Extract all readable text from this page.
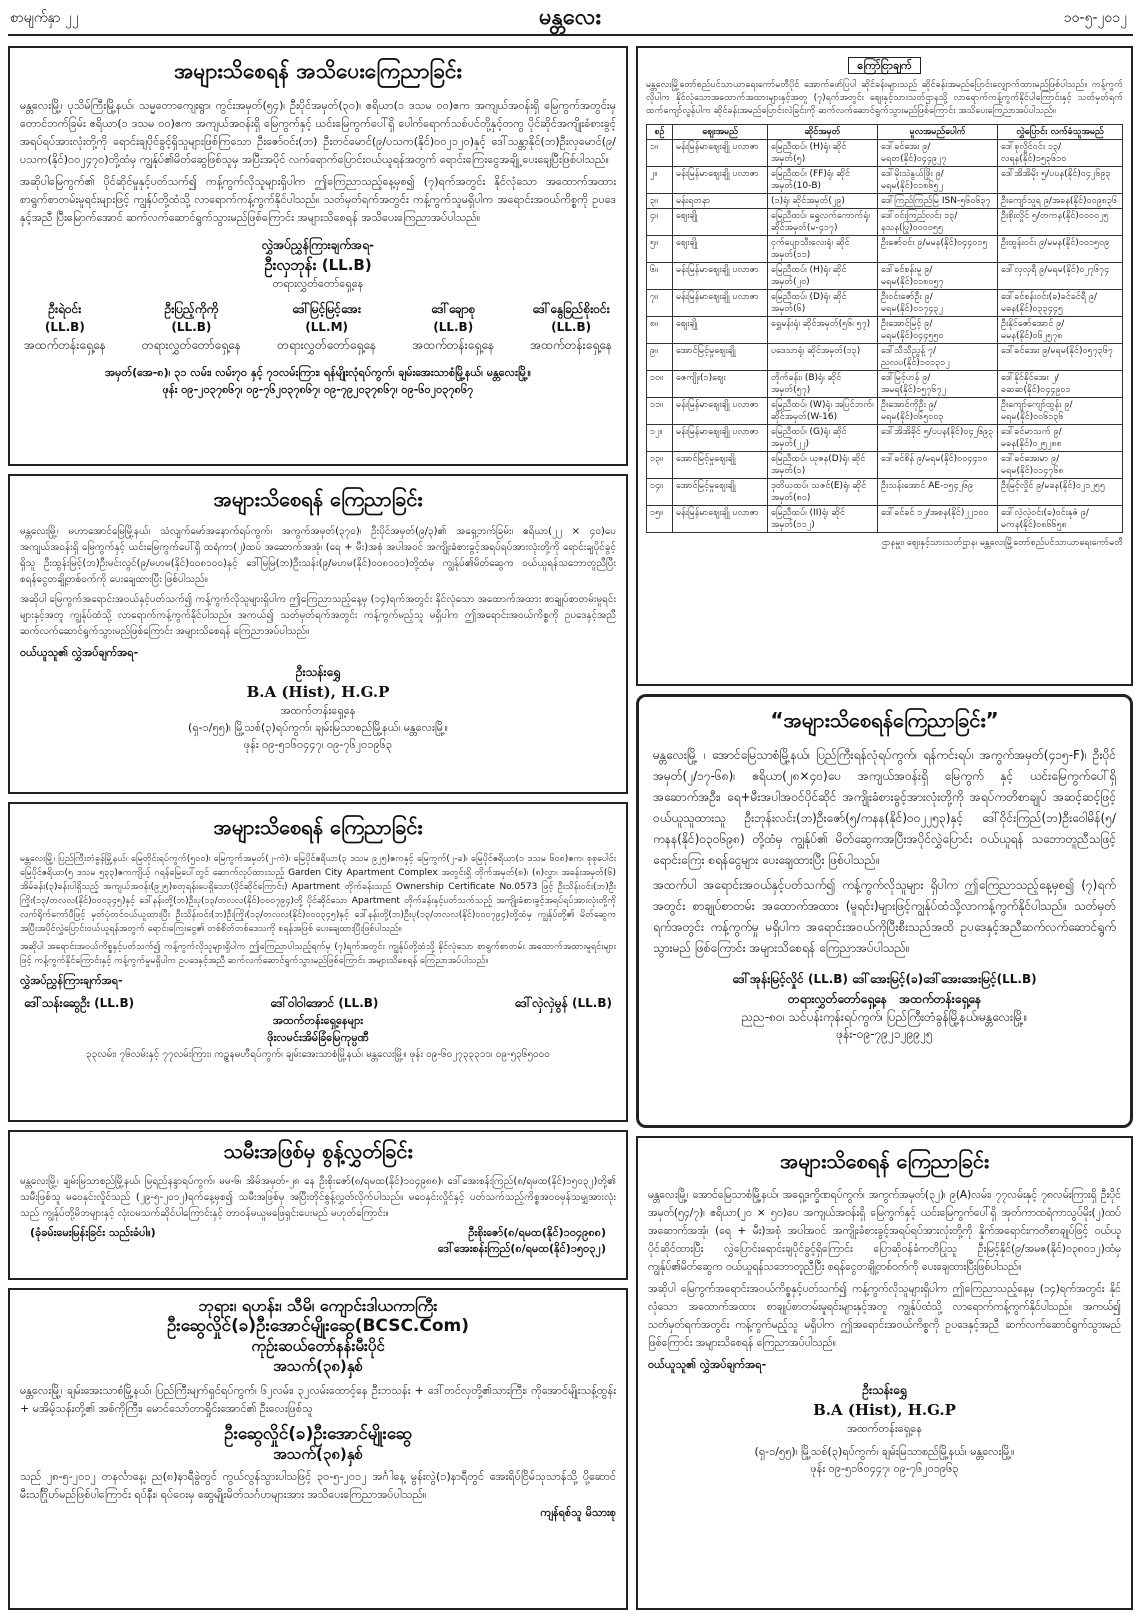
စာမျက်နှာ ၂၂	မန္တလေး	၁၀-၅-၂၀၁၂
အများသိစေရန် အသိပေးကြေညာခြင်း

မန္တလေးမြို့၊ ပုသိမ်ကြီးမြို့နယ်၊ သမ္မတောကျေးရွာ၊ ကွင်းအမှတ်(၅၄)၊ ဦးပိုင်အမှတ်(၃၀)၊ ဧရိယာ(၁ ဒသမ ၀၀)ဧက အကျယ်အဝန်းရှိ မြေကွက်အတွင်းမှ တောင်ဘက်ခြမ်း ဧရိယာ(၁ ဒသမ ၀၀)ဧက အကျယ်အဝန်းရှိ မြေကွက်နှင့် ယင်းမြေကွက်ပေါ်ရှိ ပေါက်ရောက်သစ်ပင်တို့နှင့်တကွ ပိုင်ဆိုင်အကျိုးခံစားခွင့်အရပ်ရပ်အားလုံးတို့ကို ရောင်းချပိုင်ခွင့်ရှိသူများဖြစ်ကြသော ဦးဇော်ဝင်း(ဘ) ဦးတင်မောင်(၉/ပသက(နိုင်)၀၀၂၁၂၀)နှင့် ဒေါ်သန္တာနိုင်(ဘ)ဦးလှမောင်(၉/ပသက(နိုင်)၀၀၂၄၇၀)တို့ထံမှ ကျွန်ုပ်၏မိတ်ဆွေဖြစ်သူမှ အပြီးအပိုင် လက်ရောက်ပြောင်းဝယ်ယူရန်အတွက် ရောင်းကြေးငွေအချို့ ပေးချေပြီးဖြစ်ပါသည်။

အဆိုပါမြေကွက်၏ ပိုင်ဆိုင်မှုနှင့်ပတ်သက်၍ ကန့်ကွက်လိုသူများရှိပါက ဤကြေညာသည့်နေ့မှစ၍ (၇)ရက်အတွင်း နိုင်လုံသော အထောက်အထား စာရွက်စာတမ်းမူရင်းများဖြင့် ကျွန်ုပ်တို့ထံသို့ လာရောက်ကန့်ကွက်နိုင်ပါသည်။ သတ်မှတ်ရက်အတွင်း ကန့်ကွက်သူမရှိပါက အရောင်းအဝယ်ကိစ္စကို ဥပဒေနှင့်အညီ ပြီးမြောက်အောင် ဆက်လက်ဆောင်ရွက်သွားမည်ဖြစ်ကြောင်း အများသိစေရန် အသိပေးကြေညာအပ်ပါသည်။

လွှဲအပ်ညွှန်ကြားချက်အရ-
ဦးလှဘုန်း (LL.B)
တရားလွှတ်တော်ရှေ့နေ
ဦးရဲဝင်း
(LL.B)
အထက်တန်းရှေ့နေ
ဦးပြည့်ကိုကို
(LL.B)
တရားလွှတ်တော်ရှေ့နေ
ဒေါ်မြင့်မြင့်အေး
(LL.M)
တရားလွှတ်တော်ရှေ့နေ
ဒေါ်ချောစု
(LL.B)
အထက်တန်းရှေ့နေ
ဒေါ်နွေခြည်စိုးဝင်း
(LL.B)
အထက်တန်းရှေ့နေ
အမှတ်(အေ-၈)၊ ၃၁ လမ်း၊ လမ်း၇၀ နှင့် ၇၁လမ်းကြား၊ ရန်မျိုးလုံရပ်ကွက်၊ ချမ်းအေးသာစံမြို့နယ်၊ မန္တလေးမြို့။
ဖုန်း ၀၉-၂၀၃၇၈၆၇၊ ၀၉-၇၆၂၀၃၇၈၆၇၊ ၀၉-၇၉၂၀၃၇၈၆၇၊ ၀၉-၆၀၂၀၃၇၈၆၇
အများသိစေရန် ကြေညာခြင်း

မန္တလေးမြို့၊ မဟာအောင်မြေမြို့နယ်၊ သံလျက်မော်အနောက်ရပ်ကွက်၊ အကွက်အမှတ်(၃၇၀)၊ ဦးပိုင်အမှတ်(၉/၃)၏ အရှေ့ဘက်ခြမ်း၊ ဧရိယာ(၂၂ × ၄၀)ပေ အကျယ်အဝန်းရှိ မြေကွက်နှင့် ယင်းမြေကွက်ပေါ်ရှိ ထရံကာ(၂)ထပ် အဆောက်အအုံ၊ (ရေ + မီး)အစုံ အပါအဝင် အကျိုးခံစားခွင့်အရပ်ရပ်အားလုံးတို့ကို ရောင်းချပိုင်ခွင့်ရှိသူ ဦးထွန်းမြင့်(ဘ)ဦးမင်းလွင်(၉/မဟမ(နိုင်)၀၀၈၁၀၀)နှင့် ဒေါ်မြမြ(ဘ)ဦးသန်း(၉/မဟမ(နိုင်)၀၀၈၁၀၁)တို့ထံမှ ကျွန်ုပ်၏မိတ်ဆွေက ဝယ်ယူရန်သဘောတူညီပြီး စရန်ငွေတချို့တစ်ဝက်ကို ပေးချေထားပြီး ဖြစ်ပါသည်။

အဆိုပါ မြေကွက်အရောင်းအဝယ်နှင့်ပတ်သက်၍ ကန့်ကွက်လိုသူများရှိပါက ဤကြေညာသည့်နေ့မှ (၁၄)ရက်အတွင်း နိုင်လုံသော အထောက်အထား စာချုပ်စာတမ်းမူရင်းများနှင့်အတူ ကျွန်ုပ်ထံသို့ လာရောက်ကန့်ကွက်နိုင်ပါသည်။ အကယ်၍ သတ်မှတ်ရက်အတွင်း ကန့်ကွက်မည့်သူ မရှိပါက ဤအရောင်းအဝယ်ကိစ္စကို ဥပဒေနှင့်အညီ ဆက်လက်ဆောင်ရွက်သွားမည်ဖြစ်ကြောင်း အများသိစေရန် ကြေညာအပ်ပါသည်။

ဝယ်ယူသူ၏ လွှဲအပ်ချက်အရ-
ဦးသန်းရွှေ
B.A (Hist), H.G.P
အထက်တန်းရှေ့နေ
(ရှ-၁/၅၅)၊ မြို့သစ်(၃)ရပ်ကွက်၊ ချမ်းမြသာစည်မြို့နယ်၊ မန္တလေးမြို့။
ဖုန်း ၀၉-၅၁၆၀၄၄၇၊ ၀၉-၇၆၂၀၁၉၆၃
အများသိစေရန် ကြေညာခြင်း

မန္တလေးမြို့၊ ပြည်ကြီးတံခွန်မြို့နယ်၊ မြေတိုင်းရပ်ကွက်(၅၀၀)၊ မြေကွက်အမှတ်(၂-ကဲ)၊ မြေပိုင်ဧရိယာ(၃ ဒသမ ၉၂၅)ဧကနှင့် မြေကွက်(၂-ခ)၊ မြေပိုင်ဧရိယာ(၁ ဒသမ ၆၀၈)ဧက၊ စုစုပေါင်းမြေပိုင်ဧရိယာ(၅ ဒသမ ၅၃၃)ဧကကျိယ့် ဂရန်မြေပေါ်တွင် ဆောက်လုပ်ထားသည့် Garden City Apartment Complex အတွင်းရှိ တိုက်အမှတ်(၈)၊ (၈)လွှာ၊ အခန်းအမှတ်(၆) အိမ်ခန်း(၃)ခန်းပါရှိသည့် အကျယ်အဝန်း(၉၂၅)စတုရန်းပေရှိသော(ပိုင်ဆိုင်ကြောင်း) Apartment တိုက်ခန်းသည် Ownership Certificate No.0573 ဖြင့် ဦးသိန်းဝင်း(ဘ)ဦးကြိုး(၁၃/တလလ(နိုင်)၀၀၀၃၄၅)နှင့် ဒေါ်နန်းတို့(ဘ)ဦးပု(၁၃/တလလ(နိုင်)၀၀၀၇၉၄)တို့ ပိုင်ဆိုင်သော Apartment တိုက်ခန်းနှင့်ပတ်သက်သည့် အကျိုးခံစားခွင့်အရပ်ရပ်အားလုံးတို့ကို လက်ရိုက်ကော်ပီဖြင့် မှတ်ပုံတင်ဝယ်ယူထားပြီး ဦးသိန်းဝင်း(ဘ)ဦးကြိုး(၁၃/တလလ(နိုင်)၀၀၀၃၄၅)နှင့် ဒေါ်နန်းတို့(ဘ)ဦးပု(၁၃/တလလ(နိုင်)၀၀၀၇၉၄)တို့ထံမှ ကျွန်ုပ်တို့၏ မိတ်ဆွေက အပြီးအပိုင်လွှဲပြောင်းဝယ်ယူရန်အတွက် ရောင်းကြေးငွေ၏ တစ်စိတ်တစ်ဒေသကို စရန်အဖြစ် ပေးချေထားပြီးဖြစ်ပါသည်။

အဆိုပါ အရောင်းအဝယ်ကိစ္စနှင့်ပတ်သက်၍ ကန့်ကွက်လိုသူများရှိပါက ဤကြေညာပါသည့်ရက်မှ (၇)ရက်အတွင်း ကျွန်ုပ်တို့ထံသို့ နိုင်လုံသော စာရွက်စာတမ်း အထောက်အထားမူရင်းများဖြင့် ကန့်ကွက်နိုင်ကြောင်းနှင့် ကန့်ကွက်မှုမရှိပါက ဥပဒေနှင့်အညီ ဆက်လက်ဆောင်ရွက်သွားမည်ဖြစ်ကြောင်း အများသိစေရန် ကြေညာအပ်ပါသည်။

လွှဲအပ်ညွှန်ကြားချက်အရ-
ဒေါ်သန်းဆွေဦး (LL.B)	ဒေါ်ဝါဝါအောင် (LL.B)	ဒေါ်လှဲလှဲမွန် (LL.B)
အထက်တန်းရှေ့နေများ
ဖိုးလမင်းအိမ်ခြံမြေကုမ္ပဏီ
၃၃လမ်း၊ ၇၆လမ်းနှင့် ၇၇လမ်းကြား၊ ကဥ္စနမဟီရပ်ကွက်၊ ချမ်းအေးသာစံမြို့နယ်၊ မန္တလေးမြို့။ ဖုန်း ၀၉-၆၀၂၇၃၃၃၁၁၊ ၀၉-၅၃၆၅၀၀၀
သမီးအဖြစ်မှ စွန့်လွှတ်ခြင်း
မန္တလေးမြို့၊ ချမ်းမြသာစည်မြို့နယ်၊ မြရည်နန္ဒာရပ်ကွက်၊ မမ-၆၊ အိမ်အမှတ်-၂၈ နေ ဦးစိုးဇော်(၈/ရမထ(နိုင်)၁၀၄၉၈၈)၊ ဒေါ်အေးစန်းကြည်(၈/ရမထ(နိုင်)၁၅၀၃၂)တို့၏ သမီးဖြစ်သူ မဝေနှင်းလှိုင်သည် (၂၉-၅-၂၀၁၂)ရက်နေ့မှစ၍ သမီးအဖြစ်မှ အပြီးတိုင်စွန့်လွှတ်လိုက်ပါသည်။ မဝေနှင်းလှိုင်နှင့် ပတ်သက်သည့်ကိစ္စအဝဝမှန်သမျှအားလုံးသည် ကျွန်ုပ်တို့မိဘများနှင့် လုံးဝမသက်ဆိုင်ပါကြောင်းနှင့် တာဝန်မယူမဖြေရှင်းပေးမည် မဟုတ်ကြောင်း။
(ခုံခမ်းမေးမြန်းခြင်း သည်းခံပါ။)	ဦးစိုးဇော်(၈/ရမထ(နိုင်)၁၀၄၉၈၈)
ဒေါ်အေးစန်းကြည်(၈/ရမထ(နိုင်)၁၅၀၃၂)
ဘုရား၊ ရဟန်း၊ သီမိ၊ ကျောင်းဒါယကာကြီး
ဦးဆွေလှိုင်(ခ)ဦးအောင်မျိုးဆွေ(BCSC.Com)
ကုဉ်းဆယ်တော်နန်းမီးပိုင်
အသက်(၃၈)နှစ်
မန္တလေးမြို့၊ ချမ်းအေးသာစံမြို့နယ်၊ ပြည်ကြီးမျက်ရှင်ရပ်ကွက်၊ ၆၂လမ်း၊ ၃၂လမ်းထောင့်နေ ဦးဘသန်း + ဒေါ်တင်လှတို့၏သားကြီး၊ ကိုအောင်မျိုးသန့်ထွန်း + မအိမ့်သန်းတို့၏ အစ်ကိုကြီး၊ မောင်သော်တာရှိုင်းအောင်၏ ဦးလေးဖြစ်သူ
ဦးဆွေလှိုင်(ခ)ဦးအောင်မျိုးဆွေ
အသက်(၃၈)နှစ်
သည် ၂၈-၅-၂၀၁၂ တနင်္လာနေ့၊ ည(၈)နာရီခွဲတွင် ကွယ်လွန်သွားပါသဖြင့် ၃၀-၅-၂၀၁၂ အင်္ဂါနေ့ မွန်းလွဲ(၁)နာရီတွင် အေးရိပ်ငြိမ်သုသာန်သို့ ပို့ဆောင်မီးသင်္ဂြိုဟ်မည်ဖြစ်ပါကြောင်း ရပ်နီး၊ ရပ်ဝေးမှ ဆွေမျိုးမိတ်သင်္ဂဟများအား အသိပေးကြေညာအပ်ပါသည်။
ကျန်ရစ်သူ မိသားစု
ကြော်ငြာချက်
မန္တလေးမြို့တော်စည်ပင်သာယာရေးကော်မတီပိုင် အောက်ဖော်ပြပါ ဆိုင်ခန်းများသည် ဆိုင်ခန်းအမည်ပြောင်းလျှောက်ထားမည်ဖြစ်ပါသည်။ ကန့်ကွက်လိုပါက နိုင်လုံသောအထောက်အထားများနှင့်အတူ (၇)ရက်အတွင်း ဈေးနှင့်သားသတ်ဌာနသို့ လာရောက်ကန့်ကွက်နိုင်ပါကြောင်းနှင့် သတ်မှတ်ရက်ထက်ကျော်လွန်ပါက ဆိုင်ခန်းအမည်ပြောင်းလဲခြင်းကို ဆက်လက်ဆောင်ရွက်သွားမည်ဖြစ်ကြောင်း အသိပေးကြေညာအပ်ပါသည်။
စဉ်	ဈေးအမည်	ဆိုင်အမှတ်	မူလအမည်ပေါက်	လွှဲပြောင်း လက်ခံသူအမည်
၁။	မန်းမြန်မာဈေးချို ပလာဇာ	မြေညီထပ်၊ (H)ရုံ၊ ဆိုင်အမှတ်(၅)	ဒေါ်ခင်အေး ၉/မရတ(နိုင်)၀၄၄၉၂၇	ဒေါ်စုလှိုင်ဝင်း ၁၃/လရန(နိုင်)၁၅၃၆၁၀
၂။	မန်းမြန်မာဈေးချို ပလာဇာ	မြေညီထပ်၊ (FF)ရုံ၊ ဆိုင်အမှတ်(10-B)	ဒေါ်မိုးသဲနွယ်ဖြိုး ၉/မရမ(နိုင်)၀၁၈၆၅၂	ဒေါ်အိအိမိုး ၅/ပပန(နိုင်)၀၄၂၆၉၃
၃။	မန်းရတနာ	(၁)ရုံ၊ ဆိုင်အမှတ်(၂၉)	ဒေါ်ကြည်ကြည်မြ ISN-၅၆၀၆၃၇	ဦးကျော်သူရ ၉/အခန(နိုင်)၀၀၉၈၃၆
၄။	ဈေးချို	မြေညီထပ်၊ ရွှေလက်ကောက်ရုံ၊ ဆိုင်အမှတ်(မ-၄၁၇)	ဒေါ်ဝင်းကြည်လင်း ၁၃/နသန(ပြု)၀၀၀၀၅၅	ဦးစိုးလှိုင် ၅/တကန(နိုင်)၀၀၀၀၂၅
၅။	ဈေးချို	ငှက်ပျောသီးလေးရုံ၊ ဆိုင်အမှတ်(၁၁)	ဦးဇော်ဝင်း ၉/မမန(နိုင်)၀၄၄၀၁၅	ဦးထွန်းဝင်း ၉/မမန(နိုင်)၀၀၁၅၀၉
၆။	မန်းမြန်မာဈေးချို ပလာဇာ	မြေညီထပ်၊ (H)ရုံ၊ ဆိုင်အမှတ်(၂၀)	ဒေါ်ခင်စန်းမူ ၉/မရမ(နိုင်)၀၁၈၀၅၇	ဒေါ်လှလှရီ ၉/မရမ(နိုင်)၀၂၇၆၇၄
၇။	မန်းမြန်မာဈေးချို ပလာဇာ	မြေညီထပ်၊ (D)ရုံ၊ ဆိုင်အမှတ်(၆)	ဦးဝင်းဇော်ဦး ၉/မရမ(နိုင်)၀၁၇၄၃၂	ဒေါ်ခင်စန်းဝင်း(ခ)ခင်ခင်ရီ ၉/မခန(နိုင်)၀၃၃၄၄၅
၈။	ဈေးချို	ရွှေမန်းရုံ၊ ဆိုင်အမှတ်(၅၆၊ ၅၇)	ဦးအောင်မြင့် ၉/မရမ(နိုင်)၀၄၄၅၅၀	ဦးနိုင်ဇော်အောင် ၉/မမန(နိုင်)၀၆၂၅၇၈
၉။	အောင်မြင့်မှုဈေးချို	ပဒေသာရုံ၊ ဆိုင်အမှတ်(၁၃)	ဒေါ်သီသီညွန့် ၇/ညလပ(နိုင်)၁၀၁၃၁၂	ဒေါ်ခင်အေး ၉/မရမ(နိုင်)၀၅၇၃၆၇
၁၀။	ဇေကျိုး(၁)ဈေး	တိုက်ခန်း၊ (B)ရုံ၊ ဆိုင်အမှတ်(၅၇)	ဒေါ်မြင့်ဟန် ၉/အမရ(နိုင်)၁၅၇၆၇၂	ဒေါ်နိုင်နိုင်အေး ၂/ခဆဆ(နိုင်)၀၄၄၉၀၁
၁၁။	မန်းမြန်မာဈေးချို ပလာဇာ	မြေညီထပ်၊ (W)ရုံ၊ အပြင်ဘက်၊ ဆိုင်အမှတ်(W-16)	ဦးအောင်ကိုဦး ၉/မရမ(နိုင်)၀၆၅၀၀၃	ဦးကျော်ကျော်ထွန်း ၉/မရမ(နိုင်)၀၀၆၁၃၆
၁၂။	မန်းမြန်မာဈေးချို ပလာဇာ	မြေညီထပ်၊ (G)ရုံ၊ ဆိုင်အမှတ်(၂၂)	ဒေါ်အိအိခိုင် ၅/ပပန(နိုင်)၀၄၂၆၉၃	ဒေါ်ခင်မာသက် ၉/မခန(နိုင်)၀၂၅၂၈၈
၁၃။	အောင်မြင့်မှုဈေးချို	မြေညီထပ်၊ ယုဇန(D)ရုံ၊ ဆိုင်အမှတ်(၁)	ဒေါ်ခင်စိန် ၉/မရမ(နိုင်)၀၀၄၄၁၀	ဒေါ်ခင်အေးမာ ၉/မရမ(နိုင်)၀၁၄၇၆၈
၁၄။	အောင်မြင့်မှုဈေးချို	ဒုတိယထပ်၊ သဇင်(E)ရုံ၊ ဆိုင်အမှတ်(၈၀)	ဦးသန်းအောင် AE-၁၅၄၂၆၉	ဦးမြင့်လှိုင် ၉/မခန(နိုင်)၀၂၁၂၅၅
၁၅။	မန်းမြန်မာဈေးချို ပလာဇာ	မြေညီထပ်၊ (II)ရုံ၊ ဆိုင်အမှတ်(၁၁၂)	ဒေါ်ခင်ခင် ၁၂/အစန(နိုင်)၂၂၁၀၀	ဒေါ်လဲ့လဲ့ဝင်း(ခ)ဝင်းနုဇံ ၉/မကန(နိုင်)၀၈၆၆၅၈
ဌာနမှူး၊ ဈေးနှင့်သားသတ်ဌာန၊ မန္တလေးမြို့တော်စည်ပင်သာယာရေးကော်မတီ
“အများသိစေရန်ကြေညာခြင်း”
မန္တလေးမြို့ ၊ အောင်မြေသာစံမြို့နယ်၊ ပြည်ကြီးရန်လုံရပ်ကွက်၊ ရန်ကင်းရပ်၊ အကွက်အမှတ်(၄၁၅-F)၊ ဦးပိုင်အမှတ်(၂/၁၇-၆၈)၊ ဧရိယာ(၂၈×၄၀)ပေ အကျယ်အဝန်းရှိ မြေကွက် နှင့် ယင်းမြေကွက်ပေါ်ရှိ အဆောက်အဦး၊ ရေ+မီးအပါအဝင်ပိုင်ဆိုင် အကျိုးခံစားခွင့်အားလုံးတို့ကို အရပ်ကတိစာချုပ် အဆင့်ဆင့်ဖြင့် ဝယ်ယူသူထားသူ ဦးဘုန်းလင်း(ဘ)ဦးဇော်(၅/ကနန(နိုင်)၀၀၂၂၅၃)နှင့် ဒေါ်ဝိုင်းကြည်(ဘ)ဦးဝေါမိန်(၅/ကနန(နိုင်)၀၃၀၆၉၈) တို့ထံမှ ကျွန်ုပ်၏ မိတ်ဆွေကအပြီးအပိုင်လွှဲပြောင်း ဝယ်ယူရန် သဘောတူညီသဖြင့် ရောင်းကြေး စရန်ငွေများ ပေးချေထားပြီး ဖြစ်ပါသည်။
အထက်ပါ အရောင်းအဝယ်နှင့်ပတ်သက်၍ ကန့်ကွက်လိုသူများ ရှိပါက ဤကြေညာသည့်နေ့မှစ၍ (၇)ရက်အတွင်း စာချုပ်စာတမ်း အထောက်အထား (မူရင်း)များဖြင့်ကျွန်ုပ်ထံသို့လာကန့်ကွက်နိုင်ပါသည်။ သတ်မှတ်ရက်အတွင်း ကန့်ကွက်မှု မရှိပါက အရောင်းအဝယ်ကိုပြီးစီးသည်အထိ ဥပဒေနှင့်အညီဆက်လက်ဆောင်ရွက် သွားမည် ဖြစ်ကြောင်း အများသိစေရန် ကြေညာအပ်ပါသည်။
ဒေါ်အုန်းမြင့်လှိုင် (LL.B) ဒေါ်အေးမြင့်(ခ)ဒေါ်အေးအေးမြင့်(LL.B)
တရားလွှတ်တော်ရှေ့နေ   အထက်တန်းရှေ့နေ
ညည-၈၀၊ သင်ပန်းကုန်းရပ်ကွက်၊ ပြည်ကြီးတံခွန်မြို့နယ်၊မန္တလေးမြို့။
ဖုန်း-၀၉-၇၉၂၁၂၉၉၂၅
အများသိစေရန် ကြေညာခြင်း

မန္တလေးမြို့၊ အောင်မြေသာစံမြို့နယ်၊ အရှေ့ဒက္ခိဏရပ်ကွက်၊ အကွက်အမှတ်(၃၂)၊ ၉(A)လမ်း၊ ၇၇လမ်းနှင့် ၇၈လမ်းကြားရှိ ဦးပိုင်အမှတ်(၅၄/၇)၊ ဧရိယာ(၂၀ × ၅၀)ပေ အကျယ်အဝန်းရှိ မြေကွက်နှင့် ယင်းမြေကွက်ပေါ်ရှိ အုတ်ကာထရံကာသွပ်မိုး(၂)ထပ် အဆောက်အအုံ၊ (ရေ + မီး)အစုံ အပါအဝင် အကျိုးခံစားခွင့်အရပ်ရပ်အားလုံးတို့ကို နှိုက်အရောင်းကတိစာချုပ်ဖြင့် ဝယ်ယူပိုင်ဆိုင်ထားပြီး လွှဲပြောင်းရောင်းချပိုင်ခွင့်ရှိကြောင်း ပြောဆိုဝန်ခံကတိပြုသူ ဦးမြင့်နိုင်(၉/အမဇ(နိုင်)၀၃၈၀၁၂)ထံမှ ကျွန်ုပ်၏မိတ်ဆွေက ဝယ်ယူရန်သဘောတူညီပြီး စရန်ငွေတချို့တစ်ဝက်ကို ပေးချေထားပြီးဖြစ်ပါသည်။

အဆိုပါ မြေကွက်အရောင်းအဝယ်ကိစ္စနှင့်ပတ်သက်၍ ကန့်ကွက်လိုသူများရှိပါက ဤကြေညာသည့်နေ့မှ (၁၄)ရက်အတွင်း နိုင်လုံသော အထောက်အထား စာချုပ်စာတမ်းမူရင်းများနှင့်အတူ ကျွန်ုပ်ထံသို့ လာရောက်ကန့်ကွက်နိုင်ပါသည်။ အကယ်၍ သတ်မှတ်ရက်အတွင်း ကန့်ကွက်မည့်သူ မရှိပါက ဤအရောင်းအဝယ်ကိစ္စကို ဥပဒေနှင့်အညီ ဆက်လက်ဆောင်ရွက်သွားမည်ဖြစ်ကြောင်း အများသိစေရန် ကြေညာအပ်ပါသည်။

ဝယ်ယူသူ၏ လွှဲအပ်ချက်အရ-
ဦးသန်းရွှေ
B.A (Hist), H.G.P
အထက်တန်းရှေ့နေ
(ရှ-၁/၅၅)၊ မြို့သစ်(၃)ရပ်ကွက်၊ ချမ်းမြသာစည်မြို့နယ်၊ မန္တလေးမြို့။
ဖုန်း ၀၉-၅၁၆၀၄၄၇၊ ၀၉-၇၆၂၀၁၉၆၃
